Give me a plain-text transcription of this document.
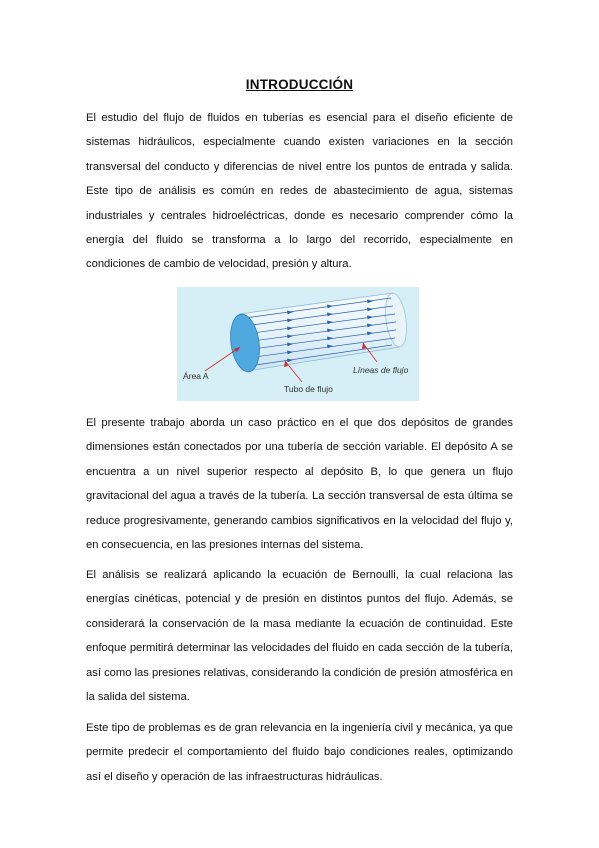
INTRODUCCIÓN

El estudio del flujo de fluidos en tuberías es esencial para el diseño eficiente de sistemas hidráulicos, especialmente cuando existen variaciones en la sección transversal del conducto y diferencias de nivel entre los puntos de entrada y salida. Este tipo de análisis es común en redes de abastecimiento de agua, sistemas industriales y centrales hidroeléctricas, donde es necesario comprender cómo la energía del fluido se transforma a lo largo del recorrido, especialmente en condiciones de cambio de velocidad, presión y altura.

Área A
Tubo de flujo
Líneas de flujo

El presente trabajo aborda un caso práctico en el que dos depósitos de grandes dimensiones están conectados por una tubería de sección variable. El depósito A se encuentra a un nivel superior respecto al depósito B, lo que genera un flujo gravitacional del agua a través de la tubería. La sección transversal de esta última se reduce progresivamente, generando cambios significativos en la velocidad del flujo y, en consecuencia, en las presiones internas del sistema.

El análisis se realizará aplicando la ecuación de Bernoulli, la cual relaciona las energías cinéticas, potencial y de presión en distintos puntos del flujo. Además, se considerará la conservación de la masa mediante la ecuación de continuidad. Este enfoque permitirá determinar las velocidades del fluido en cada sección de la tubería, así como las presiones relativas, considerando la condición de presión atmosférica en la salida del sistema.

Este tipo de problemas es de gran relevancia en la ingeniería civil y mecánica, ya que permite predecir el comportamiento del fluido bajo condiciones reales, optimizando así el diseño y operación de las infraestructuras hidráulicas.
